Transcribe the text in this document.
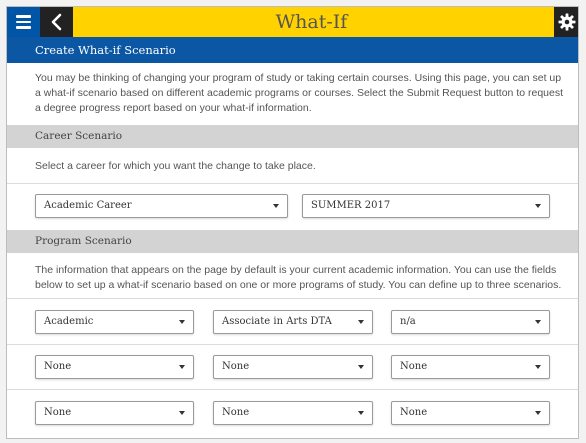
What-If
Create What-if Scenario
You may be thinking of changing your program of study or taking certain courses. Using this page, you can set up a what-if scenario based on different academic programs or courses. Select the Submit Request button to request a degree progress report based on your what-if information.
Career Scenario
Select a career for which you want the change to take place.
Academic Career	SUMMER 2017
Program Scenario
The information that appears on the page by default is your current academic information. You can use the fields below to set up a what-if scenario based on one or more programs of study. You can define up to three scenarios.
Academic	Associate in Arts DTA	n/a
None	None	None
None	None	None
